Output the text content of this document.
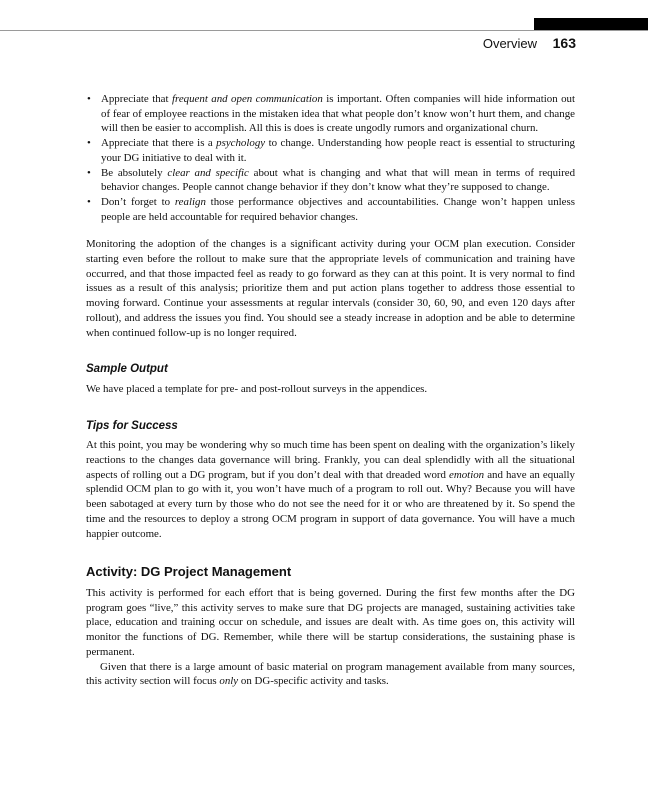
Overview 163
• Appreciate that frequent and open communication is important. Often companies will hide information out of fear of employee reactions in the mistaken idea that what people don’t know won’t hurt them, and change will then be easier to accomplish. All this is does is create ungodly rumors and organizational churn.
• Appreciate that there is a psychology to change. Understanding how people react is essential to structuring your DG initiative to deal with it.
• Be absolutely clear and specific about what is changing and what that will mean in terms of required behavior changes. People cannot change behavior if they don’t know what they’re supposed to change.
• Don’t forget to realign those performance objectives and accountabilities. Change won’t happen unless people are held accountable for required behavior changes.

Monitoring the adoption of the changes is a significant activity during your OCM plan execution. Consider starting even before the rollout to make sure that the appropriate levels of communication and training have occurred, and that those impacted feel as ready to go forward as they can at this point. It is very normal to find issues as a result of this analysis; prioritize them and put action plans together to address those essential to moving forward. Continue your assessments at regular intervals (consider 30, 60, 90, and even 120 days after rollout), and address the issues you find. You should see a steady increase in adoption and be able to determine when continued follow-up is no longer required.

Sample Output

We have placed a template for pre- and post-rollout surveys in the appendices.

Tips for Success

At this point, you may be wondering why so much time has been spent on dealing with the organization’s likely reactions to the changes data governance will bring. Frankly, you can deal splendidly with all the situational aspects of rolling out a DG program, but if you don’t deal with that dreaded word emotion and have an equally splendid OCM plan to go with it, you won’t have much of a program to roll out. Why? Because you will have been sabotaged at every turn by those who do not see the need for it or who are threatened by it. So spend the time and the resources to deploy a strong OCM program in support of data governance. You will have a much happier outcome.

Activity: DG Project Management

This activity is performed for each effort that is being governed. During the first few months after the DG program goes “live,” this activity serves to make sure that DG projects are managed, sustaining activities take place, education and training occur on schedule, and issues are dealt with. As time goes on, this activity will monitor the functions of DG. Remember, while there will be startup considerations, the sustaining phase is permanent.

Given that there is a large amount of basic material on program management available from many sources, this activity section will focus only on DG-specific activity and tasks.
